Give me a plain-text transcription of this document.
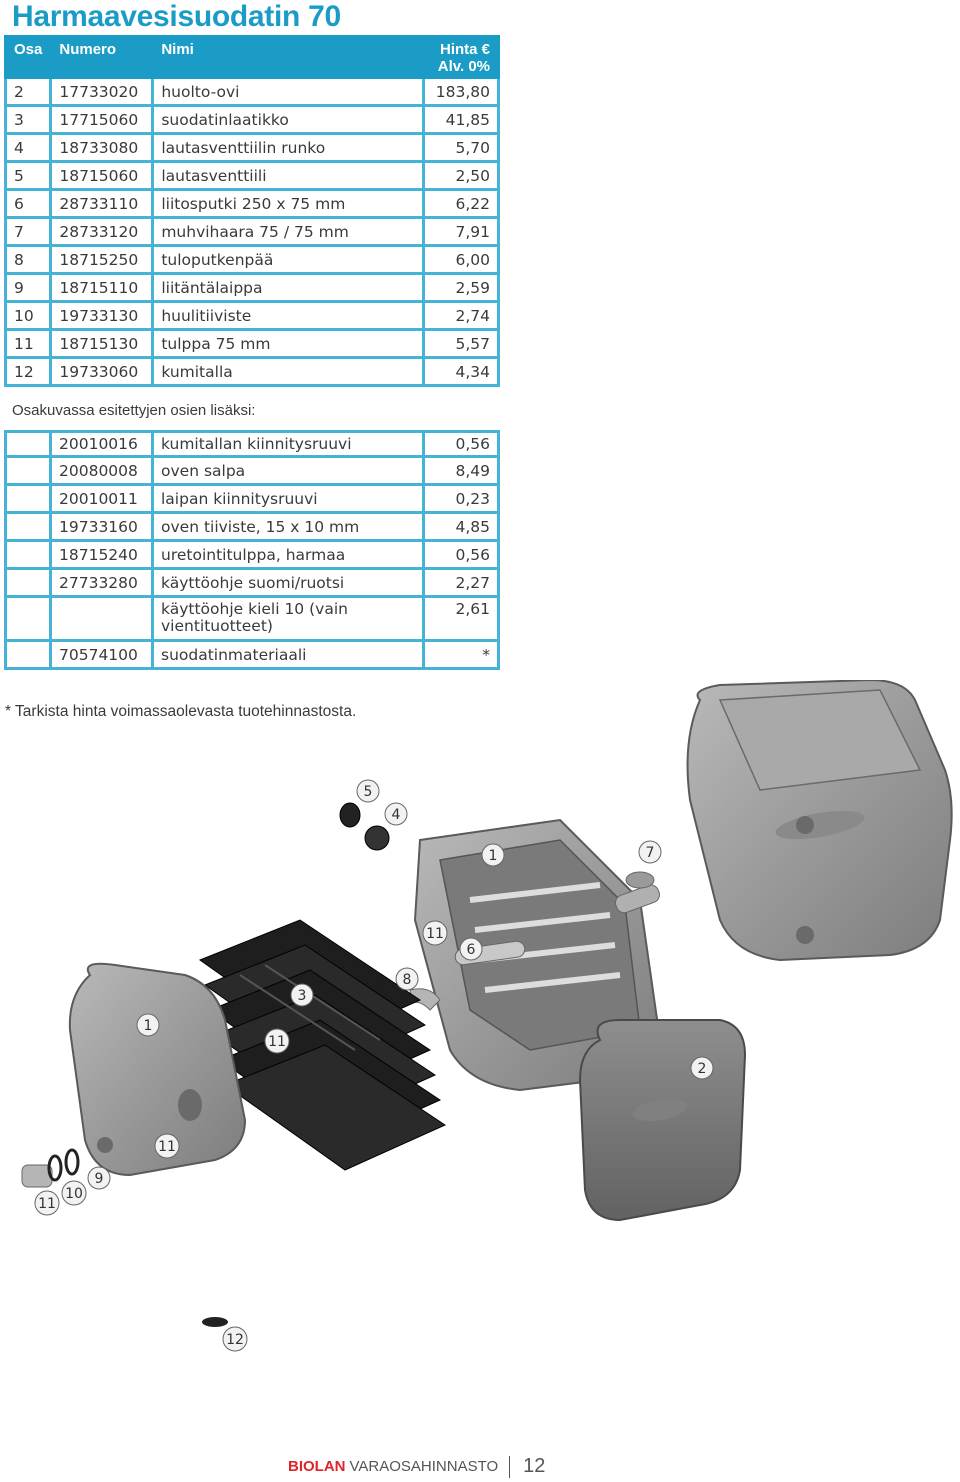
Harmaavesisuodatin 70
Osa	Numero	Nimi	Hinta €
Alv. 0%
2	17733020	huolto-ovi	183,80
3	17715060	suodatinlaatikko	41,85
4	18733080	lautasventtiilin runko	5,70
5	18715060	lautasventtiili	2,50
6	28733110	liitosputki 250 x 75 mm	6,22
7	28733120	muhvihaara 75 / 75 mm	7,91
8	18715250	tuloputkenpää	6,00
9	18715110	liitäntälaippa	2,59
10	19733130	huulitiiviste	2,74
11	18715130	tulppa 75 mm	5,57
12	19733060	kumitalla	4,34
Osakuvassa esitettyjen osien lisäksi:
	20010016	kumitallan kiinnitysruuvi	0,56
	20080008	oven salpa	8,49
	20010011	laipan kiinnitysruuvi	0,23
	19733160	oven tiiviste, 15 x 10 mm	4,85
	18715240	uretointitulppa, harmaa	0,56
	27733280	käyttöohje suomi/ruotsi	2,27
		käyttöohje kieli 10 (vain vientituotteet)	2,61
	70574100	suodatinmateriaali	*
* Tarkista hinta voimassaolevasta tuotehinnastosta.
5
4
1	7
11
6
8
3
1
11
2
11
9
10
11
12
BIOLAN VARAOSAHINNASTO 12
